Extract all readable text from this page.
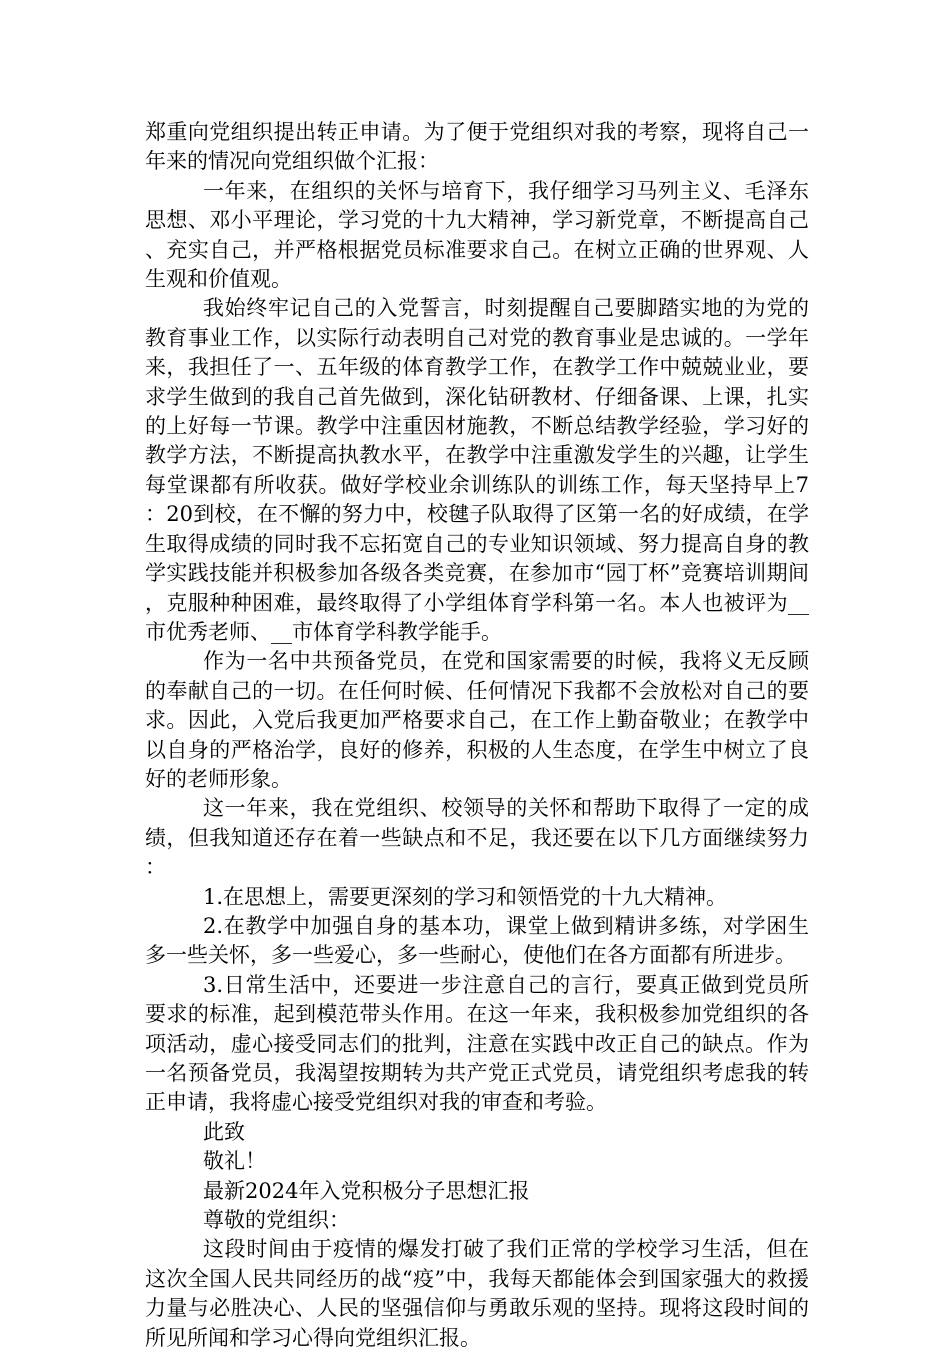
郑重向党组织提出转正申请。为了便于党组织对我的考察，现将自己一年来的情况向党组织做个汇报：

一年来，在组织的关怀与培育下，我仔细学习马列主义、毛泽东思想、邓小平理论，学习党的十九大精神，学习新党章，不断提高自己、充实自己，并严格根据党员标准要求自己。在树立正确的世界观、人生观和价值观。

我始终牢记自己的入党誓言，时刻提醒自己要脚踏实地的为党的教育事业工作，以实际行动表明自己对党的教育事业是忠诚的。一学年来，我担任了一、五年级的体育教学工作，在教学工作中兢兢业业，要求学生做到的我自己首先做到，深化钻研教材、仔细备课、上课，扎实的上好每一节课。教学中注重因材施教，不断总结教学经验，学习好的教学方法，不断提高执教水平，在教学中注重激发学生的兴趣，让学生每堂课都有所收获。做好学校业余训练队的训练工作，每天坚持早上7：20到校，在不懈的努力中，校毽子队取得了区第一名的好成绩，在学生取得成绩的同时我不忘拓宽自己的专业知识领域、努力提高自身的教学实践技能并积极参加各级各类竞赛，在参加市“园丁杯”竞赛培训期间，克服种种困难，最终取得了小学组体育学科第一名。本人也被评为__市优秀老师、__市体育学科教学能手。

作为一名中共预备党员，在党和国家需要的时候，我将义无反顾的奉献自己的一切。在任何时候、任何情况下我都不会放松对自己的要求。因此，入党后我更加严格要求自己，在工作上勤奋敬业；在教学中以自身的严格治学，良好的修养，积极的人生态度，在学生中树立了良好的老师形象。

这一年来，我在党组织、校领导的关怀和帮助下取得了一定的成绩，但我知道还存在着一些缺点和不足，我还要在以下几方面继续努力：

1.在思想上，需要更深刻的学习和领悟党的十九大精神。

2.在教学中加强自身的基本功，课堂上做到精讲多练，对学困生多一些关怀，多一些爱心，多一些耐心，使他们在各方面都有所进步。

3.日常生活中，还要进一步注意自己的言行，要真正做到党员所要求的标准，起到模范带头作用。在这一年来，我积极参加党组织的各项活动，虚心接受同志们的批判，注意在实践中改正自己的缺点。作为一名预备党员，我渴望按期转为共产党正式党员，请党组织考虑我的转正申请，我将虚心接受党组织对我的审查和考验。

此致

敬礼！

最新2024年入党积极分子思想汇报

尊敬的党组织：

这段时间由于疫情的爆发打破了我们正常的学校学习生活，但在这次全国人民共同经历的战“疫”中，我每天都能体会到国家强大的救援力量与必胜决心、人民的坚强信仰与勇敢乐观的坚持。现将这段时间的所见所闻和学习心得向党组织汇报。
